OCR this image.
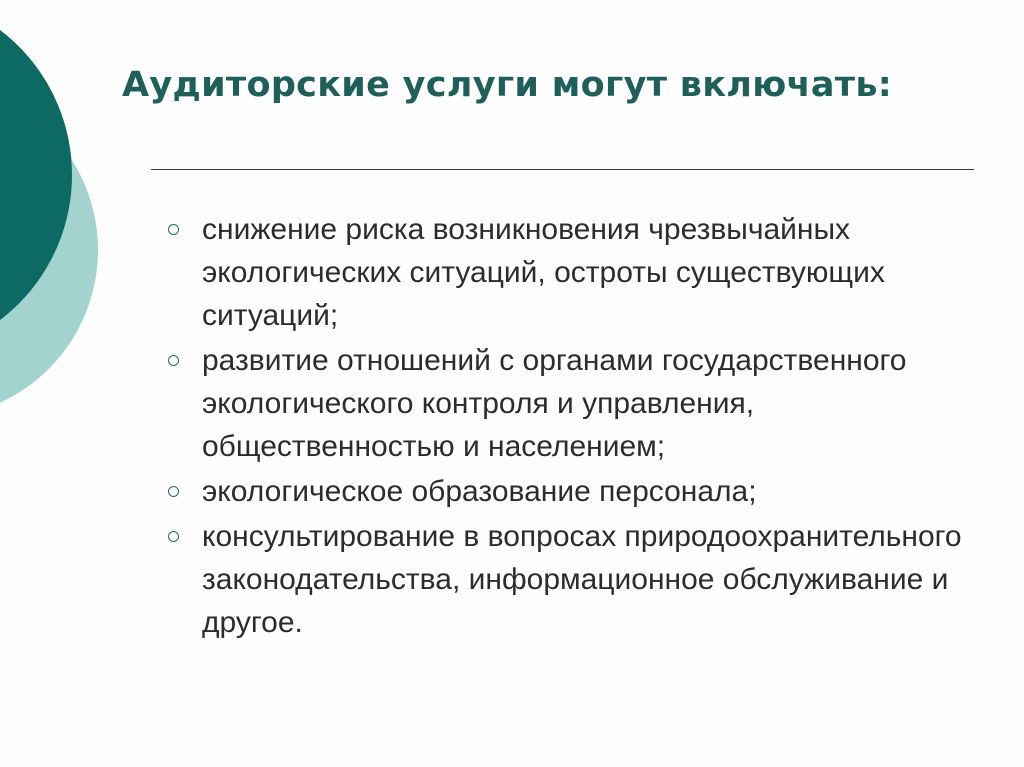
Аудиторские услуги могут включать:
снижение риска возникновения чрезвычайных экологических ситуаций, остроты существующих ситуаций;
развитие отношений с органами государственного экологического контроля и управления, общественностью и населением;
экологическое образование персонала;
консультирование в вопросах природоохранительного законодательства, информационное обслуживание и другое.
